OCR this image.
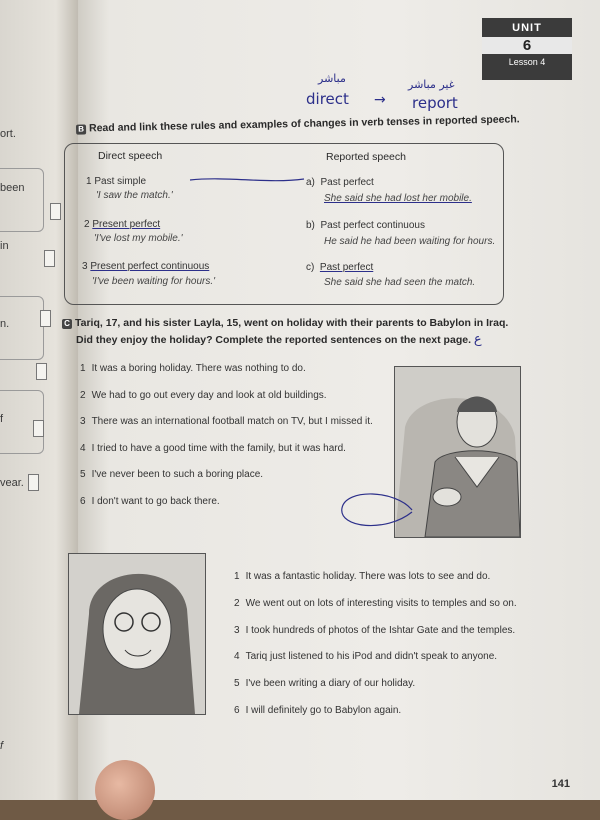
ort.
been
in
n.
f
vear.
f
UNIT
6
Lesson 4
مباشر
direct →
غير مباشر
report
B Read and link these rules and examples of changes in verb tenses in reported speech.
Direct speech	Reported speech
1 Past simple
'I saw the match.'
2 Present perfect
'I've lost my mobile.'
3 Present perfect continuous
'I've been waiting for hours.'
a) Past perfect
She said she had lost her mobile.
b) Past perfect continuous
He said he had been waiting for hours.
c) Past perfect
She said she had seen the match.
C Tariq, 17, and his sister Layla, 15, went on holiday with their parents to Babylon in Iraq.
Did they enjoy the holiday? Complete the reported sentences on the next page. ع
1 It was a boring holiday. There was nothing to do.
2 We had to go out every day and look at old buildings.
3 There was an international football match on TV, but I missed it.
4 I tried to have a good time with the family, but it was hard.
5 I've never been to such a boring place.
6 I don't want to go back there.
1 It was a fantastic holiday. There was lots to see and do.
2 We went out on lots of interesting visits to temples and so on.
3 I took hundreds of photos of the Ishtar Gate and the temples.
4 Tariq just listened to his iPod and didn't speak to anyone.
5 I've been writing a diary of our holiday.
6 I will definitely go to Babylon again.
141
